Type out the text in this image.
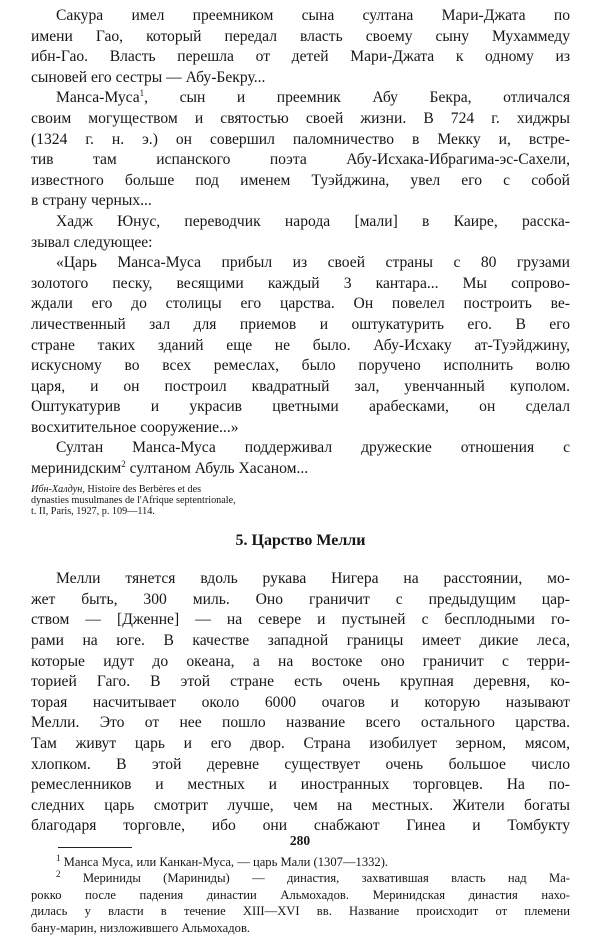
Сакура имел преемником сына султана Мари-Джата по
имени Гао, который передал власть своему сыну Мухаммеду
ибн-Гао. Власть перешла от детей Мари-Джата к одному из
сыновей его сестры — Абу-Бекру...
Манса-Муса$^1$, сын и преемник Абу Бекра, отличался
своим могуществом и святостью своей жизни. В 724 г. хиджры
(1324 г. н. э.) он совершил паломничество в Мекку и, встре-
тив там испанского поэта Абу-Исхака-Ибрагима-эс-Сахели,
известного больше под именем Туэйджина, увел его с собой
в страну черных...
Хадж Юнус, переводчик народа [мали] в Каире, расска-
зывал следующее:
«Царь Манса-Муса прибыл из своей страны с 80 грузами
золотого песку, весящими каждый 3 кантара... Мы сопрово-
ждали его до столицы его царства. Он повелел построить ве-
личественный зал для приемов и оштукатурить его. В его
стране таких зданий еще не было. Абу-Исхаку ат-Туэйджину,
искусному во всех ремеслах, было поручено исполнить волю
царя, и он построил квадратный зал, увенчанный куполом.
Оштукатурив и украсив цветными арабесками, он сделал
восхитительное сооружение...»
Султан Манса-Муса поддерживал дружеские отношения с
меринидским$^2$ султаном Абуль Хасаном...
Ибн-Халдун, Histoire des Berbères et des
dynasties musulmanes de l'Afrique septentrionale,
t. II, Paris, 1927, p. 109—114.
5. Царство Мелли
Мелли тянется вдоль рукава Нигера на расстоянии, мо-
жет быть, 300 миль. Оно граничит с предыдущим цар-
ством — [Дженне] — на севере и пустыней с бесплодными го-
рами на юге. В качестве западной границы имеет дикие леса,
которые идут до океана, а на востоке оно граничит с терри-
торией Гаго. В этой стране есть очень крупная деревня, ко-
торая насчитывает около 6000 очагов и которую называют
Мелли. Это от нее пошло название всего остального царства.
Там живут царь и его двор. Страна изобилует зерном, мясом,
хлопком. В этой деревне существует очень большое число
ремесленников и местных и иностранных торговцев. На по-
следних царь смотрит лучше, чем на местных. Жители богаты
благодаря торговле, ибо они снабжают Гинеа и Томбукту
$^1$ Манса Муса, или Канкан-Муса, — царь Мали (1307—1332).
$^2$ Мериниды (Мариниды) — династия, захватившая власть над Ма-
рокко после падения династии Альмохадов. Меринидская династия нахо-
дилась у власти в течение XIII—XVI вв. Название происходит от племени
бану-марин, низложившего Альмохадов.
280
